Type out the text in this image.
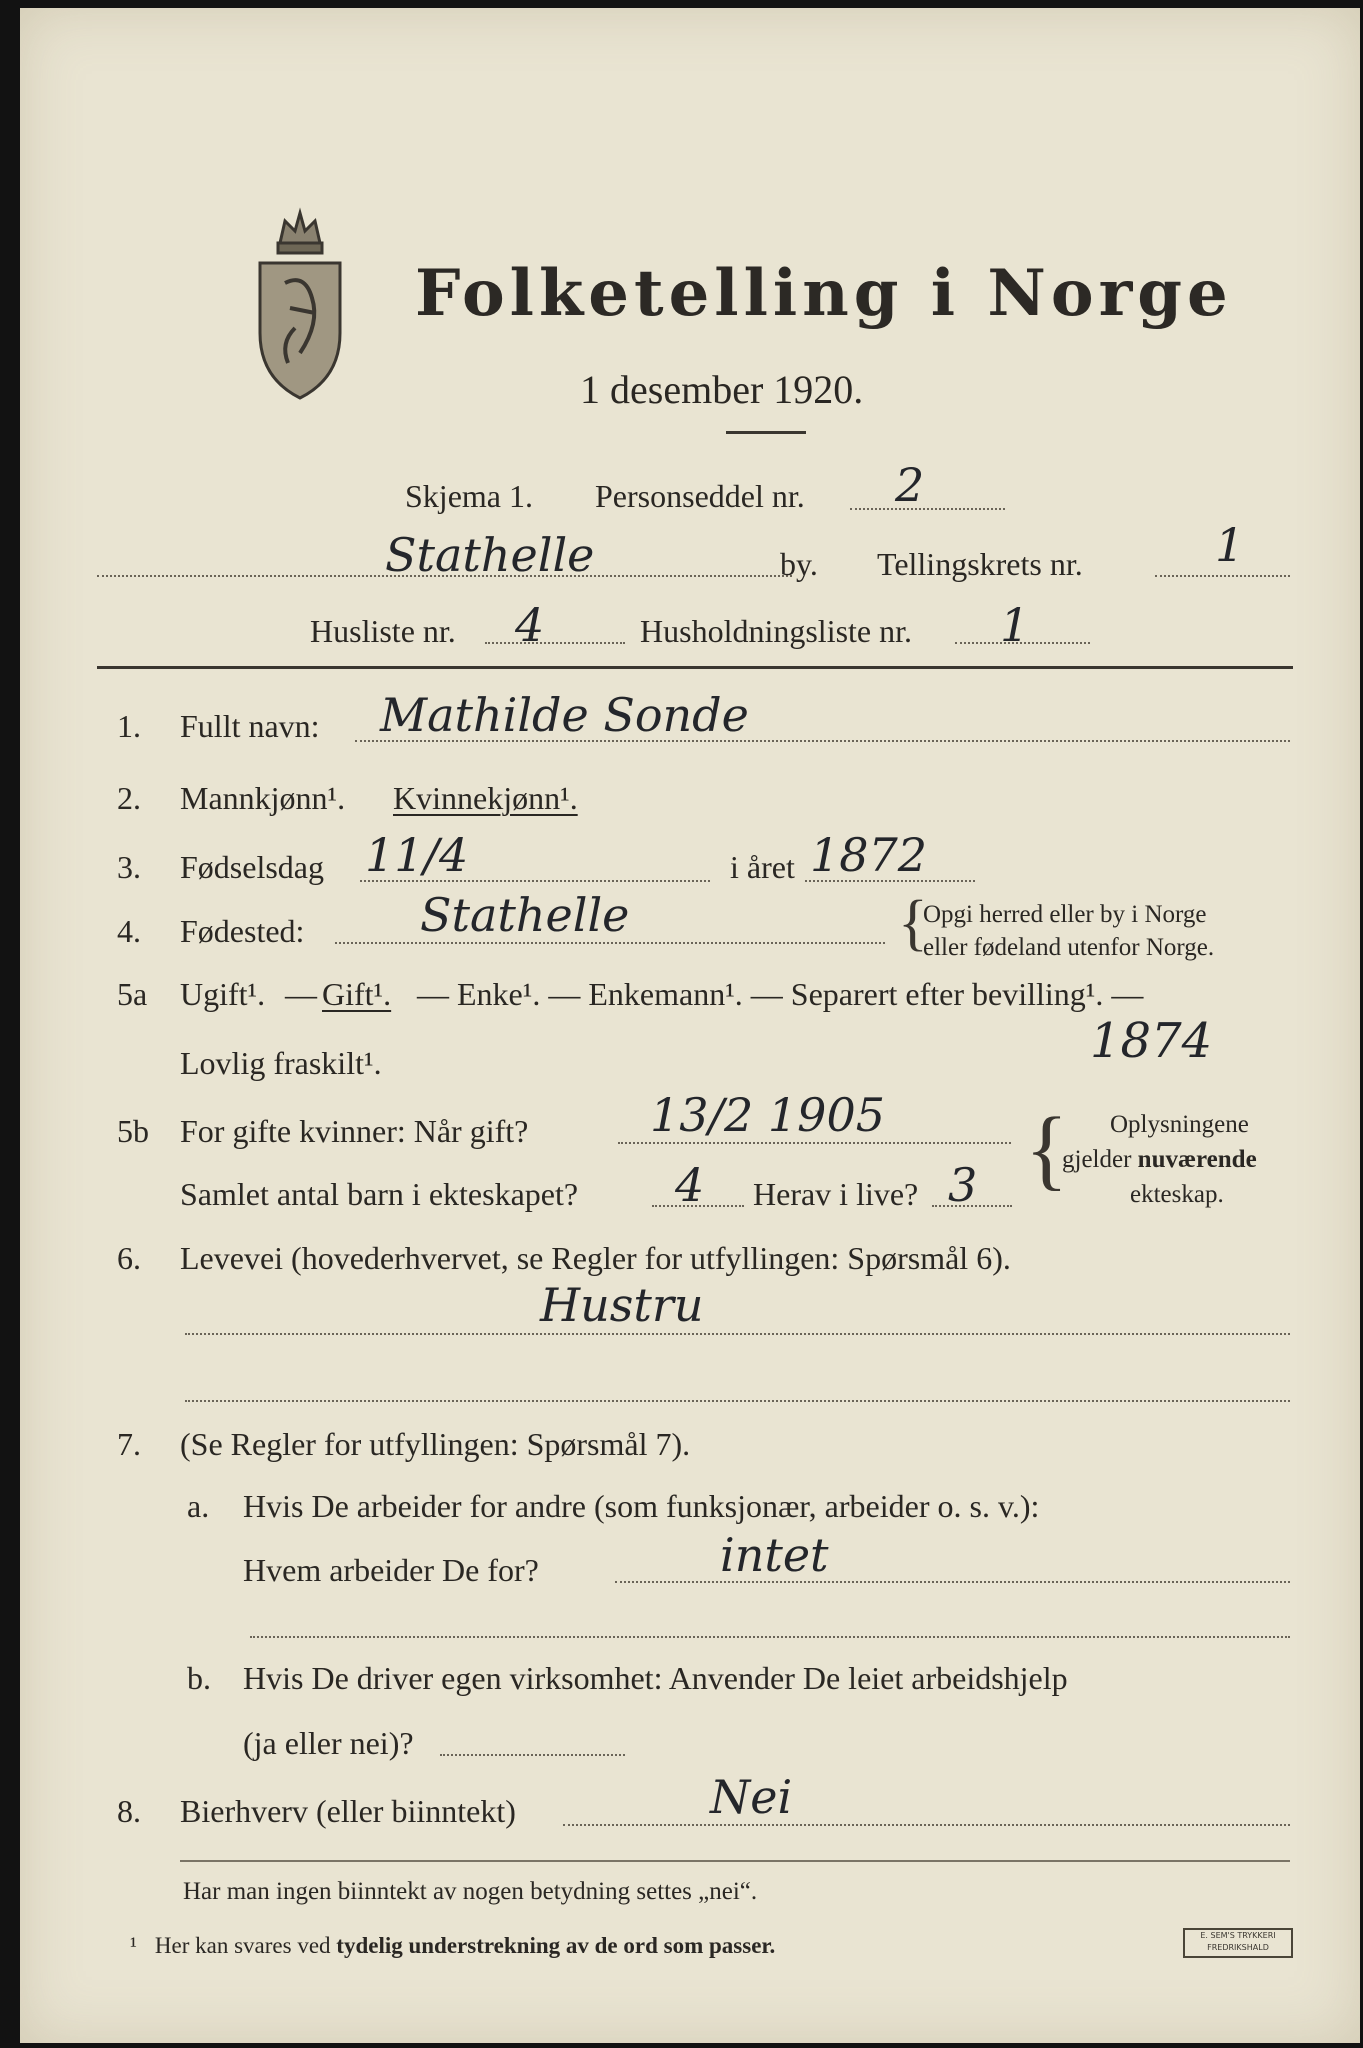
Folketelling i Norge
1 desember 1920.
Skjema 1. Personseddel nr. 2
Stathelle	by. Tellingskrets nr.	1
Husliste nr. 4	Husholdningsliste nr. 1
1. Fullt navn: Mathilde Sonde
2. Mannkjønn¹. Kvinnekjønn¹.
3. Fødselsdag 11/4	i året 1872
4. Fødested:	Stathelle	{
Opgi herred eller by i Norge
eller fødeland utenfor Norge.
5a Ugift¹. — Gift¹. — Enke¹. — Enkemann¹. — Separert efter bevilling¹. —
Lovlig fraskilt¹.	1874
5b For gifte kvinner: Når gift?	13/2 1905
Samlet antal barn i ekteskapet? 4 Herav i live? 3 { Oplysningene
gjelder nuværende
ekteskap.
6. Levevei (hovederhvervet, se Regler for utfyllingen: Spørsmål 6).
Hustru
7. (Se Regler for utfyllingen: Spørsmål 7).
a. Hvis De arbeider for andre (som funksjonær, arbeider o. s. v.):
Hvem arbeider De for?	intet
b. Hvis De driver egen virksomhet: Anvender De leiet arbeidshjelp
(ja eller nei)?
8. Bierhverv (eller biinntekt)	Nei
Har man ingen biinntekt av nogen betydning settes „nei“.
¹ Her kan svares ved tydelig understrekning av de ord som passer.	E. SEM'S TRYKKERI FREDRIKSHALD
